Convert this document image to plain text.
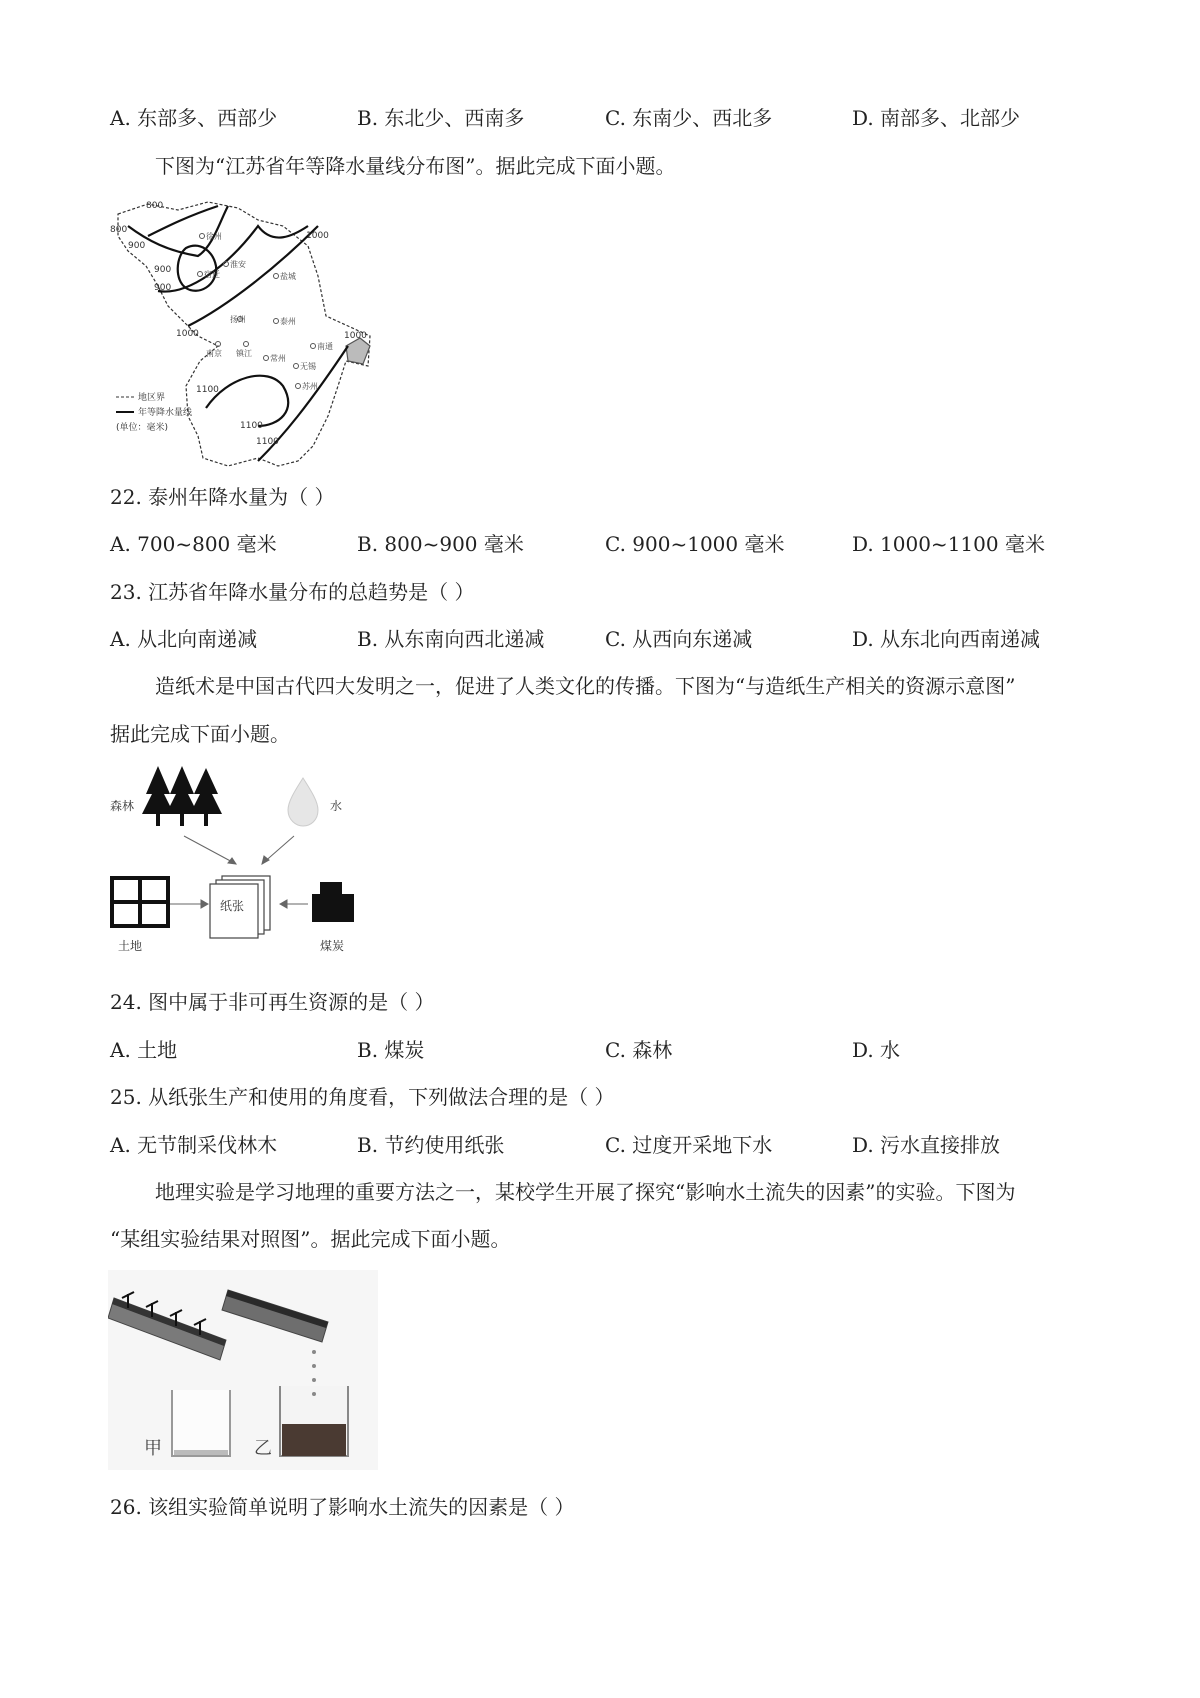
A. 东部多、西部少	B. 东北少、西南多	C. 东南少、西北多	D. 南部多、北部少
下图为“江苏省年等降水量线分布图”。据此完成下面小题。
800
800
900
900
900
1000
1000	1000
1100
1100
1100
徐州
宿迁
淮安
盐城
扬州	泰州
南京 镇江
常州
南通
无锡
苏州
地区界
年等降水量线
(单位：毫米)
22. 泰州年降水量为（ ）
A. 700~800 毫米	B. 800~900 毫米	C. 900~1000 毫米	D. 1000~1100 毫米
23. 江苏省年降水量分布的总趋势是（ ）
A. 从北向南递减	B. 从东南向西北递减	C. 从西向东递减	D. 从东北向西南递减
造纸术是中国古代四大发明之一，促进了人类文化的传播。下图为“与造纸生产相关的资源示意图”
据此完成下面小题。
森林	水
纸张
土地	煤炭
24. 图中属于非可再生资源的是（ ）
A. 土地	B. 煤炭	C. 森林	D. 水
25. 从纸张生产和使用的角度看，下列做法合理的是（ ）
A. 无节制采伐林木	B. 节约使用纸张	C. 过度开采地下水	D. 污水直接排放
地理实验是学习地理的重要方法之一，某校学生开展了探究“影响水土流失的因素”的实验。下图为
“某组实验结果对照图”。据此完成下面小题。
甲	乙
26. 该组实验简单说明了影响水土流失的因素是（ ）
